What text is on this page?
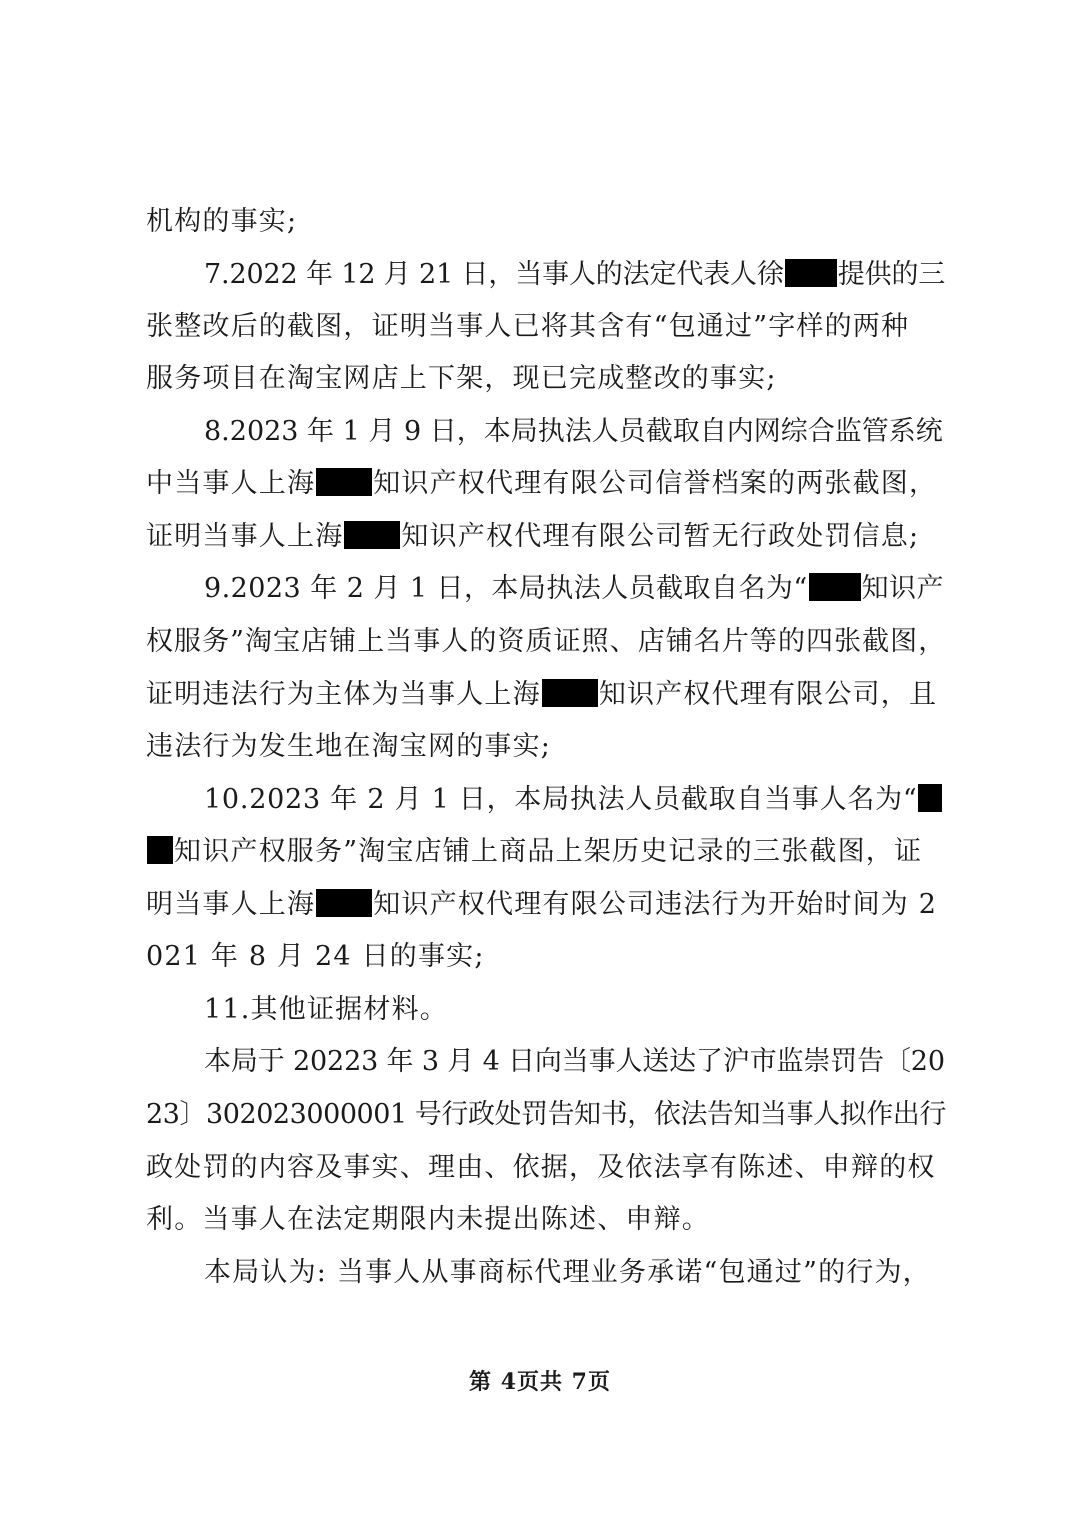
机构的事实;
7.2022 年 12 月 21 日，当事人的法定代表人徐 提供的三
张整改后的截图，证明当事人已将其含有“包通过”字样的两种
服务项目在淘宝网店上下架，现已完成整改的事实;
8.2023 年 1 月 9 日，本局执法人员截取自内网综合监管系统
中当事人上海 知识产权代理有限公司信誉档案的两张截图，
证明当事人上海 知识产权代理有限公司暂无行政处罚信息;
9.2023 年 2 月 1 日，本局执法人员截取自名为“ 知识产
权服务”淘宝店铺上当事人的资质证照、店铺名片等的四张截图，
证明违法行为主体为当事人上海 知识产权代理有限公司，且
违法行为发生地在淘宝网的事实;
10.2023 年 2 月 1 日，本局执法人员截取自当事人名为“
知识产权服务”淘宝店铺上商品上架历史记录的三张截图，证
明当事人上海 知识产权代理有限公司违法行为开始时间为 2
021 年 8 月 24 日的事实;
11.其他证据材料。
本局于 20223 年 3 月 4 日向当事人送达了沪市监崇罚告〔20
23〕302023000001 号行政处罚告知书，依法告知当事人拟作出行
政处罚的内容及事实、理由、依据，及依法享有陈述、申辩的权
利。当事人在法定期限内未提出陈述、申辩。
本局认为: 当事人从事商标代理业务承诺“包通过”的行为，
第 4页共 7页
